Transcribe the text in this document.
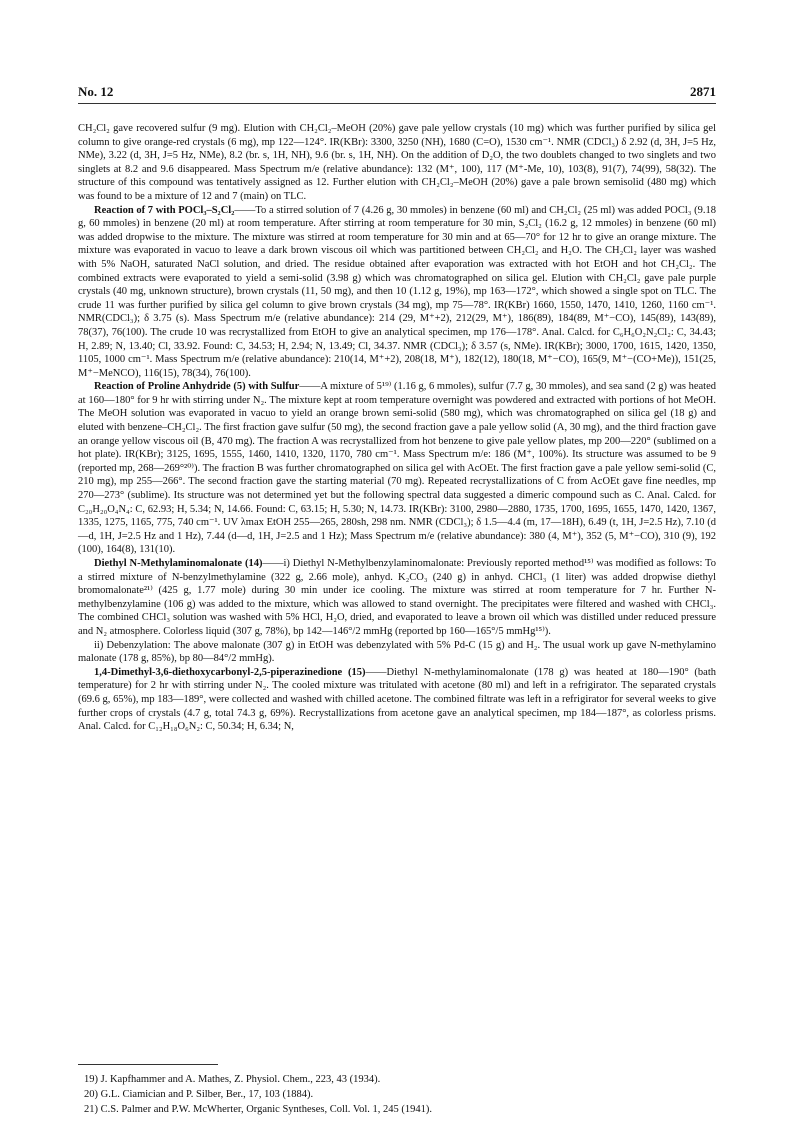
No. 12	2871

CH₂Cl₂ gave recovered sulfur (9 mg). Elution with CH₂Cl₂–MeOH (20%) gave pale yellow crystals (10 mg) which was further purified by silica gel column to give orange-red crystals (6 mg), mp 122—124°. IR(KBr): 3300, 3250 (NH), 1680 (C=O), 1530 cm⁻¹. NMR (CDCl₃) δ 2.92 (d, 3H, J=5 Hz, NMe), 3.22 (d, 3H, J=5 Hz, NMe), 8.2 (br. s, 1H, NH), 9.6 (br. s, 1H, NH). On the addition of D₂O, the two doublets changed to two singlets and two singlets at 8.2 and 9.6 disappeared. Mass Spectrum m/e (relative abundance): 132 (M⁺, 100), 117 (M⁺-Me, 10), 103(8), 91(7), 74(99), 58(32). The structure of this compound was tentatively assigned as 12. Further elution with CH₂Cl₂–MeOH (20%) gave a pale brown semisolid (480 mg) which was found to be a mixture of 12 and 7 (main) on TLC.

Reaction of 7 with POCl₃–S₂Cl₂——To a stirred solution of 7 (4.26 g, 30 mmoles) in benzene (60 ml) and CH₂Cl₂ (25 ml) was added POCl₃ (9.18 g, 60 mmoles) in benzene (20 ml) at room temperature. After stirring at room temperature for 30 min, S₂Cl₂ (16.2 g, 12 mmoles) in benzene (60 ml) was added dropwise to the mixture. The mixture was stirred at room temperature for 30 min and at 65—70° for 12 hr to give an orange mixture. The mixture was evaporated in vacuo to leave a dark brown viscous oil which was partitioned between CH₂Cl₂ and H₂O. The CH₂Cl₂ layer was washed with 5% NaOH, saturated NaCl solution, and dried. The residue obtained after evaporation was extracted with hot EtOH and hot CH₂Cl₂. The combined extracts were evaporated to yield a semi-solid (3.98 g) which was chromatographed on silica gel. Elution with CH₂Cl₂ gave pale purple crystals (40 mg, unknown structure), brown crystals (11, 50 mg), and then 10 (1.12 g, 19%), mp 163—172°, which showed a single spot on TLC. The crude 11 was further purified by silica gel column to give brown crystals (34 mg), mp 75—78°. IR(KBr) 1660, 1550, 1470, 1410, 1260, 1160 cm⁻¹. NMR(CDCl₃); δ 3.75 (s). Mass Spectrum m/e (relative abundance): 214 (29, M⁺+2), 212(29, M⁺), 186(89), 184(89, M⁺−CO), 145(89), 143(89), 78(37), 76(100). The crude 10 was recrystallized from EtOH to give an analytical specimen, mp 176—178°. Anal. Calcd. for C₆H₆O₂N₂Cl₂: C, 34.43; H, 2.89; N, 13.40; Cl, 33.92. Found: C, 34.53; H, 2.94; N, 13.49; Cl, 34.37. NMR (CDCl₃); δ 3.57 (s, NMe). IR(KBr); 3000, 1700, 1615, 1420, 1350, 1105, 1000 cm⁻¹. Mass Spectrum m/e (relative abundance): 210(14, M⁺+2), 208(18, M⁺), 182(12), 180(18, M⁺−CO), 165(9, M⁺−(CO+Me)), 151(25, M⁺−MeNCO), 116(15), 78(34), 76(100).

Reaction of Proline Anhydride (5) with Sulfur——A mixture of 5¹⁹⁾ (1.16 g, 6 mmoles), sulfur (7.7 g, 30 mmoles), and sea sand (2 g) was heated at 160—180° for 9 hr with stirring under N₂. The mixture kept at room temperature overnight was powdered and extracted with portions of hot MeOH. The MeOH solution was evaporated in vacuo to yield an orange brown semi-solid (580 mg), which was chromatographed on silica gel (18 g) and eluted with benzene–CH₂Cl₂. The first fraction gave sulfur (50 mg), the second fraction gave a pale yellow solid (A, 30 mg), and the third fraction gave an orange yellow viscous oil (B, 470 mg). The fraction A was recrystallized from hot benzene to give pale yellow plates, mp 200—220° (sublimed on a hot plate). IR(KBr); 3125, 1695, 1555, 1460, 1410, 1320, 1170, 780 cm⁻¹. Mass Spectrum m/e: 186 (M⁺, 100%). Its structure was assumed to be 9 (reported mp, 268—269°²⁰⁾). The fraction B was further chromatographed on silica gel with AcOEt. The first fraction gave a pale yellow semi-solid (C, 210 mg), mp 255—266°. The second fraction gave the starting material (70 mg). Repeated recrystallizations of C from AcOEt gave fine needles, mp 270—273° (sublime). Its structure was not determined yet but the following spectral data suggested a dimeric compound such as C. Anal. Calcd. for C₂₀H₂₀O₄N₄: C, 62.93; H, 5.34; N, 14.66. Found: C, 63.15; H, 5.30; N, 14.73. IR(KBr): 3100, 2980—2880, 1735, 1700, 1695, 1655, 1470, 1420, 1367, 1335, 1275, 1165, 775, 740 cm⁻¹. UV λmax EtOH 255—265, 280sh, 298 nm. NMR (CDCl₃); δ 1.5—4.4 (m, 17—18H), 6.49 (t, 1H, J=2.5 Hz), 7.10 (d—d, 1H, J=2.5 Hz and 1 Hz), 7.44 (d—d, 1H, J=2.5 and 1 Hz); Mass Spectrum m/e (relative abundance): 380 (4, M⁺), 352 (5, M⁺−CO), 310 (9), 192 (100), 164(8), 131(10).

Diethyl N-Methylaminomalonate (14)——i) Diethyl N-Methylbenzylaminomalonate: Previously reported method¹⁵⁾ was modified as follows: To a stirred mixture of N-benzylmethylamine (322 g, 2.66 mole), anhyd. K₂CO₃ (240 g) in anhyd. CHCl₃ (1 liter) was added dropwise diethyl bromomalonate²¹⁾ (425 g, 1.77 mole) during 30 min under ice cooling. The mixture was stirred at room temperature for 7 hr. Further N-methylbenzylamine (106 g) was added to the mixture, which was allowed to stand overnight. The precipitates were filtered and washed with CHCl₃. The combined CHCl₃ solution was washed with 5% HCl, H₂O, dried, and evaporated to leave a brown oil which was distilled under reduced pressure and N₂ atmosphere. Colorless liquid (307 g, 78%), bp 142—146°/2 mmHg (reported bp 160—165°/5 mmHg¹⁵⁾).

ii) Debenzylation: The above malonate (307 g) in EtOH was debenzylated with 5% Pd-C (15 g) and H₂. The usual work up gave N-methylamino malonate (178 g, 85%), bp 80—84°/2 mmHg).

1,4-Dimethyl-3,6-diethoxycarbonyl-2,5-piperazinedione (15)——Diethyl N-methylaminomalonate (178 g) was heated at 180—190° (bath temperature) for 2 hr with stirring under N₂. The cooled mixture was tritulated with acetone (80 ml) and left in a refrigirator. The separated crystals (69.6 g, 65%), mp 183—189°, were collected and washed with chilled acetone. The combined filtrate was left in a refrigirator for several weeks to give further crops of crystals (4.7 g, total 74.3 g, 69%). Recrystallizations from acetone gave an analytical specimen, mp 184—187°, as colorless prisms. Anal. Calcd. for C₁₂H₁₈O₆N₂: C, 50.34; H, 6.34; N,

19) J. Kapfhammer and A. Mathes, Z. Physiol. Chem., 223, 43 (1934).
20) G.L. Ciamician and P. Silber, Ber., 17, 103 (1884).
21) C.S. Palmer and P.W. McWherter, Organic Syntheses, Coll. Vol. 1, 245 (1941).
